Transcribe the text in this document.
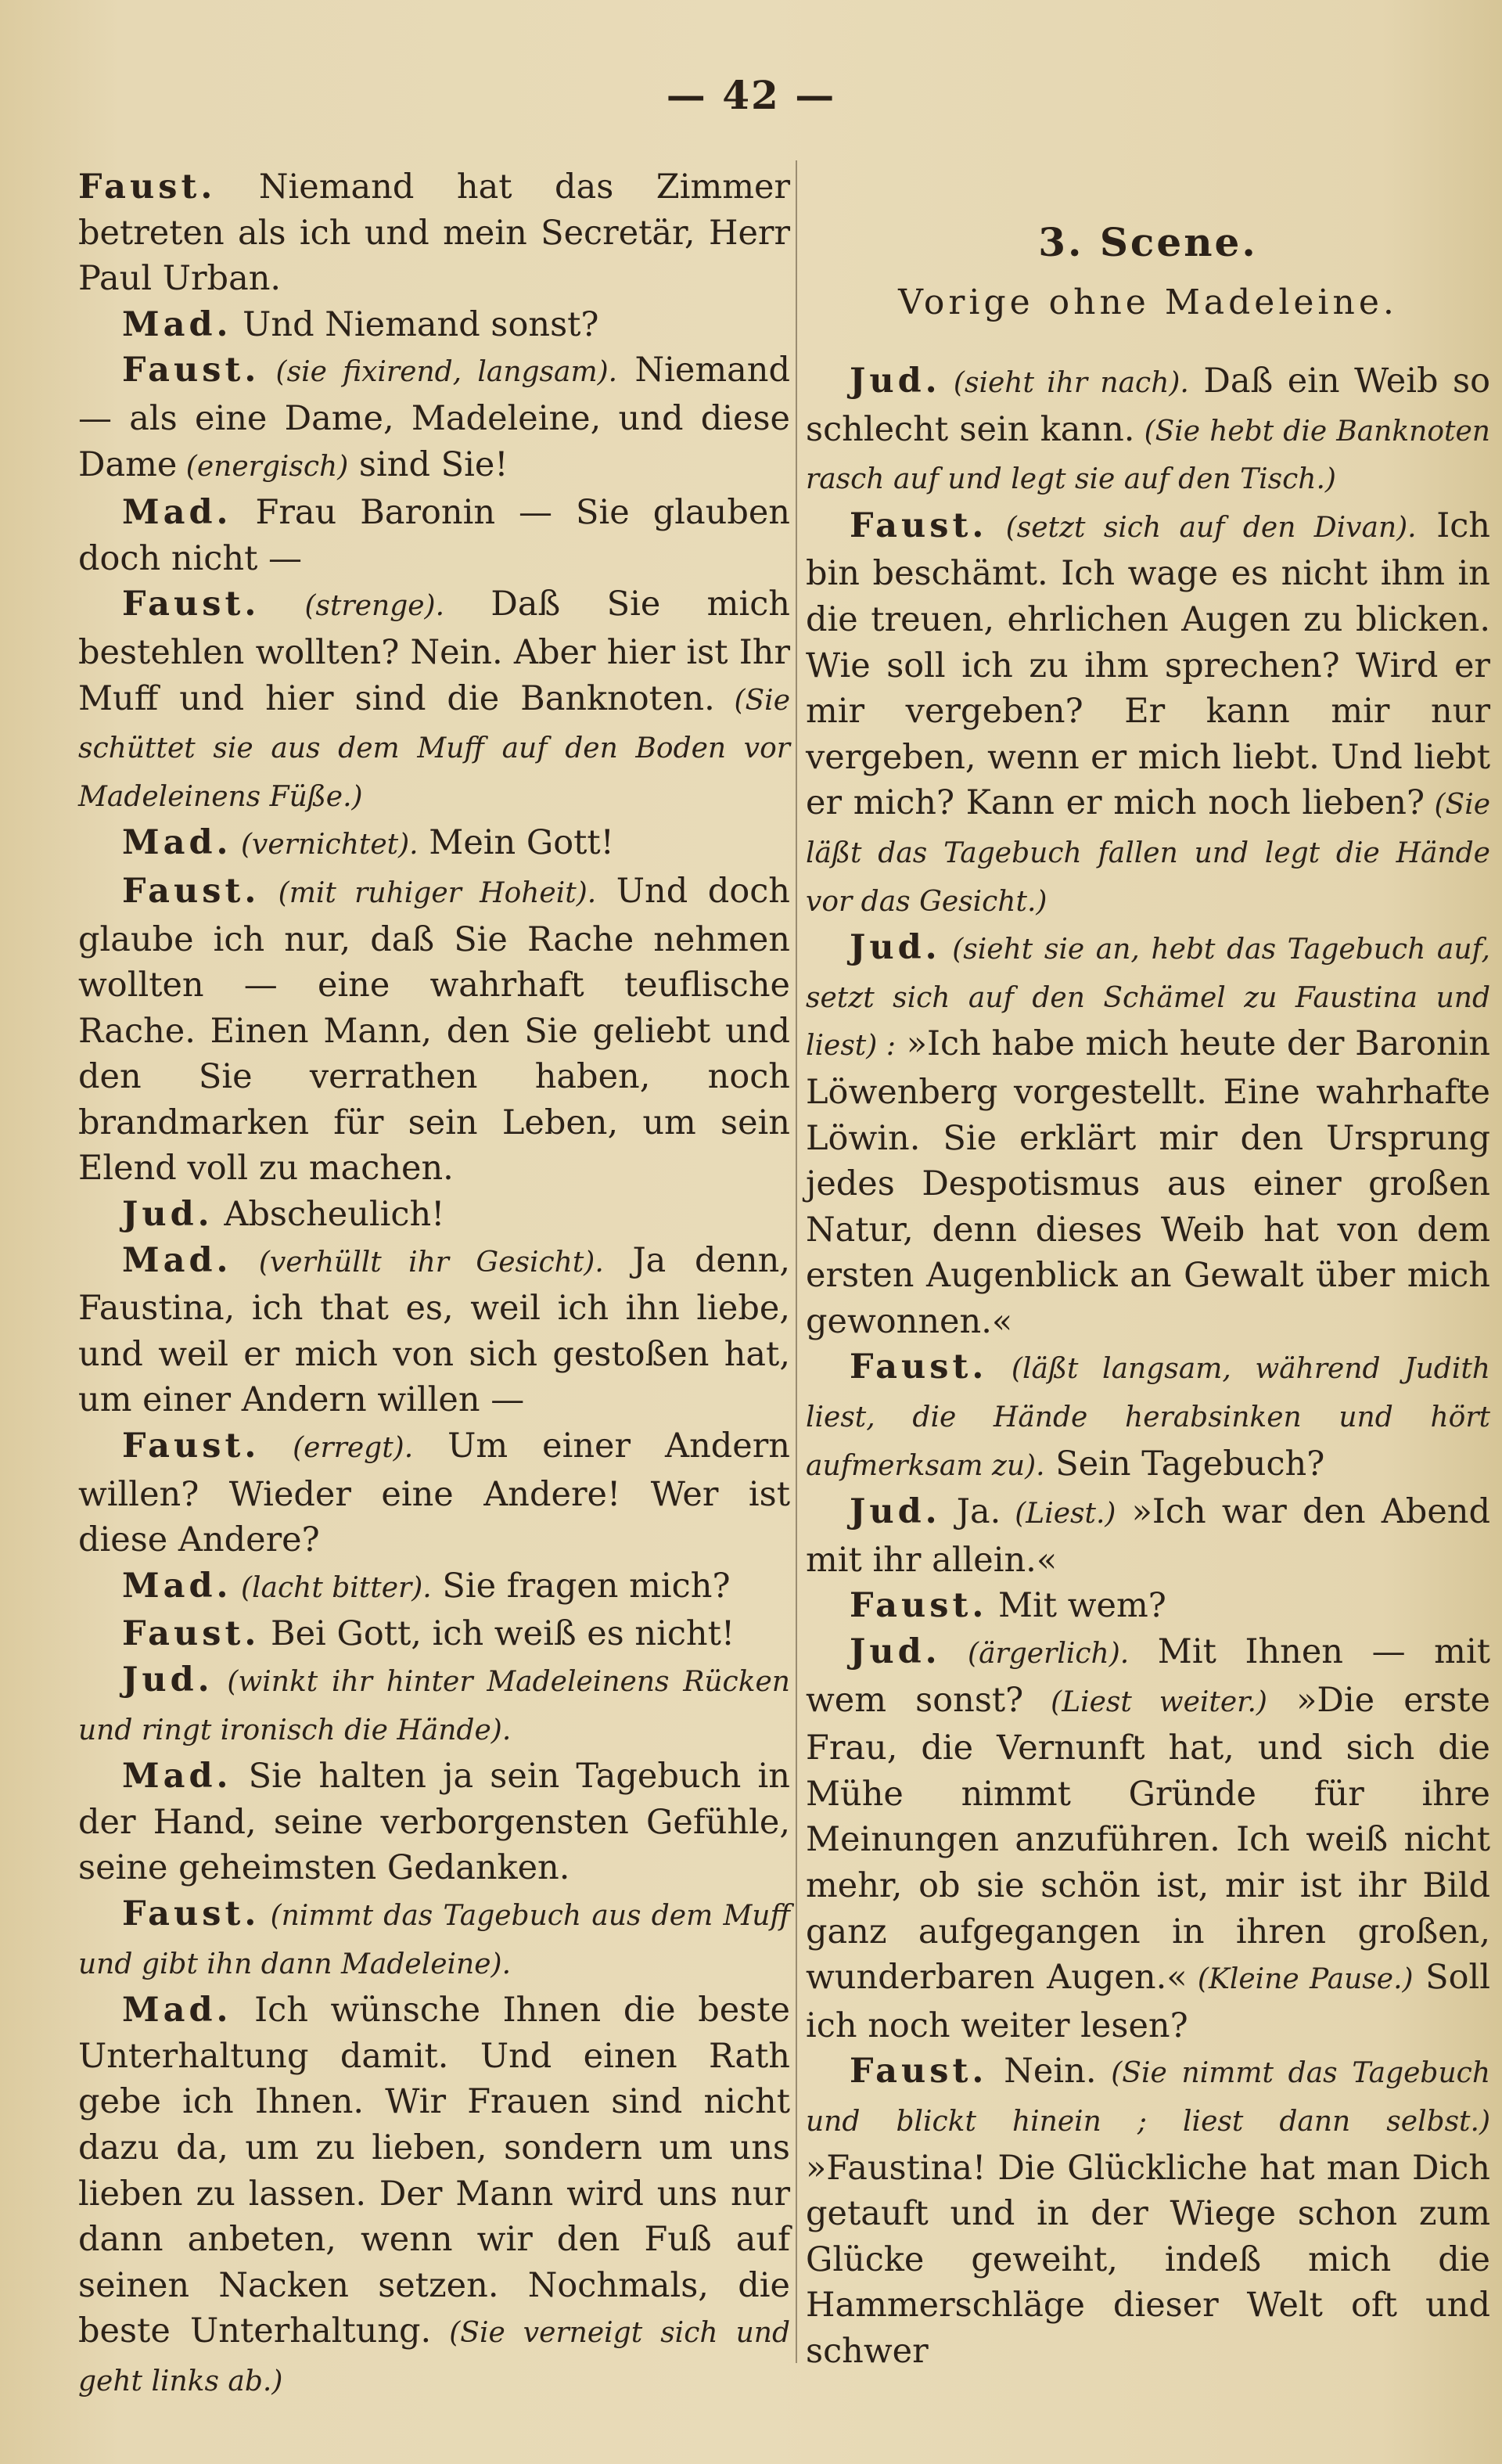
— 42 —

Faust. Niemand hat das Zimmer betreten als ich und mein Secretär, Herr Paul Urban.

Mad. Und Niemand sonst?

Faust. (sie fixirend, langsam). Niemand — als eine Dame, Madeleine, und diese Dame (energisch) sind Sie!

Mad. Frau Baronin — Sie glauben doch nicht —

Faust. (strenge). Daß Sie mich bestehlen wollten? Nein. Aber hier ist Ihr Muff und hier sind die Banknoten. (Sie schüttet sie aus dem Muff auf den Boden vor Madeleinens Füße.)

Mad. (vernichtet). Mein Gott!

Faust. (mit ruhiger Hoheit). Und doch glaube ich nur, daß Sie Rache nehmen wollten — eine wahrhaft teuflische Rache. Einen Mann, den Sie geliebt und den Sie verrathen haben, noch brandmarken für sein Leben, um sein Elend voll zu machen.

Jud. Abscheulich!

Mad. (verhüllt ihr Gesicht). Ja denn, Faustina, ich that es, weil ich ihn liebe, und weil er mich von sich gestoßen hat, um einer Andern willen —

Faust. (erregt). Um einer Andern willen? Wieder eine Andere! Wer ist diese Andere?

Mad. (lacht bitter). Sie fragen mich?

Faust. Bei Gott, ich weiß es nicht!

Jud. (winkt ihr hinter Madeleinens Rücken und ringt ironisch die Hände).

Mad. Sie halten ja sein Tagebuch in der Hand, seine verborgensten Gefühle, seine geheimsten Gedanken.

Faust. (nimmt das Tagebuch aus dem Muff und gibt ihn dann Madeleine).

Mad. Ich wünsche Ihnen die beste Unterhaltung damit. Und einen Rath gebe ich Ihnen. Wir Frauen sind nicht dazu da, um zu lieben, sondern um uns lieben zu lassen. Der Mann wird uns nur dann anbeten, wenn wir den Fuß auf seinen Nacken setzen. Nochmals, die beste Unterhaltung. (Sie verneigt sich und geht links ab.)

3. Scene.
Vorige ohne Madeleine.

Jud. (sieht ihr nach). Daß ein Weib so schlecht sein kann. (Sie hebt die Banknoten rasch auf und legt sie auf den Tisch.)

Faust. (setzt sich auf den Divan). Ich bin beschämt. Ich wage es nicht ihm in die treuen, ehrlichen Augen zu blicken. Wie soll ich zu ihm sprechen? Wird er mir vergeben? Er kann mir nur vergeben, wenn er mich liebt. Und liebt er mich? Kann er mich noch lieben? (Sie läßt das Tagebuch fallen und legt die Hände vor das Gesicht.)

Jud. (sieht sie an, hebt das Tagebuch auf, setzt sich auf den Schämel zu Faustina und liest) : »Ich habe mich heute der Baronin Löwenberg vorgestellt. Eine wahrhafte Löwin. Sie erklärt mir den Ursprung jedes Despotismus aus einer großen Natur, denn dieses Weib hat von dem ersten Augenblick an Gewalt über mich gewonnen.«

Faust. (läßt langsam, während Judith liest, die Hände herabsinken und hört aufmerksam zu). Sein Tagebuch?

Jud. Ja. (Liest.) »Ich war den Abend mit ihr allein.«

Faust. Mit wem?

Jud. (ärgerlich). Mit Ihnen — mit wem sonst? (Liest weiter.) »Die erste Frau, die Vernunft hat, und sich die Mühe nimmt Gründe für ihre Meinungen anzuführen. Ich weiß nicht mehr, ob sie schön ist, mir ist ihr Bild ganz aufgegangen in ihren großen, wunderbaren Augen.« (Kleine Pause.) Soll ich noch weiter lesen?

Faust. Nein. (Sie nimmt das Tagebuch und blickt hinein ; liest dann selbst.) »Faustina! Die Glückliche hat man Dich getauft und in der Wiege schon zum Glücke geweiht, indeß mich die Hammerschläge dieser Welt oft und schwer
